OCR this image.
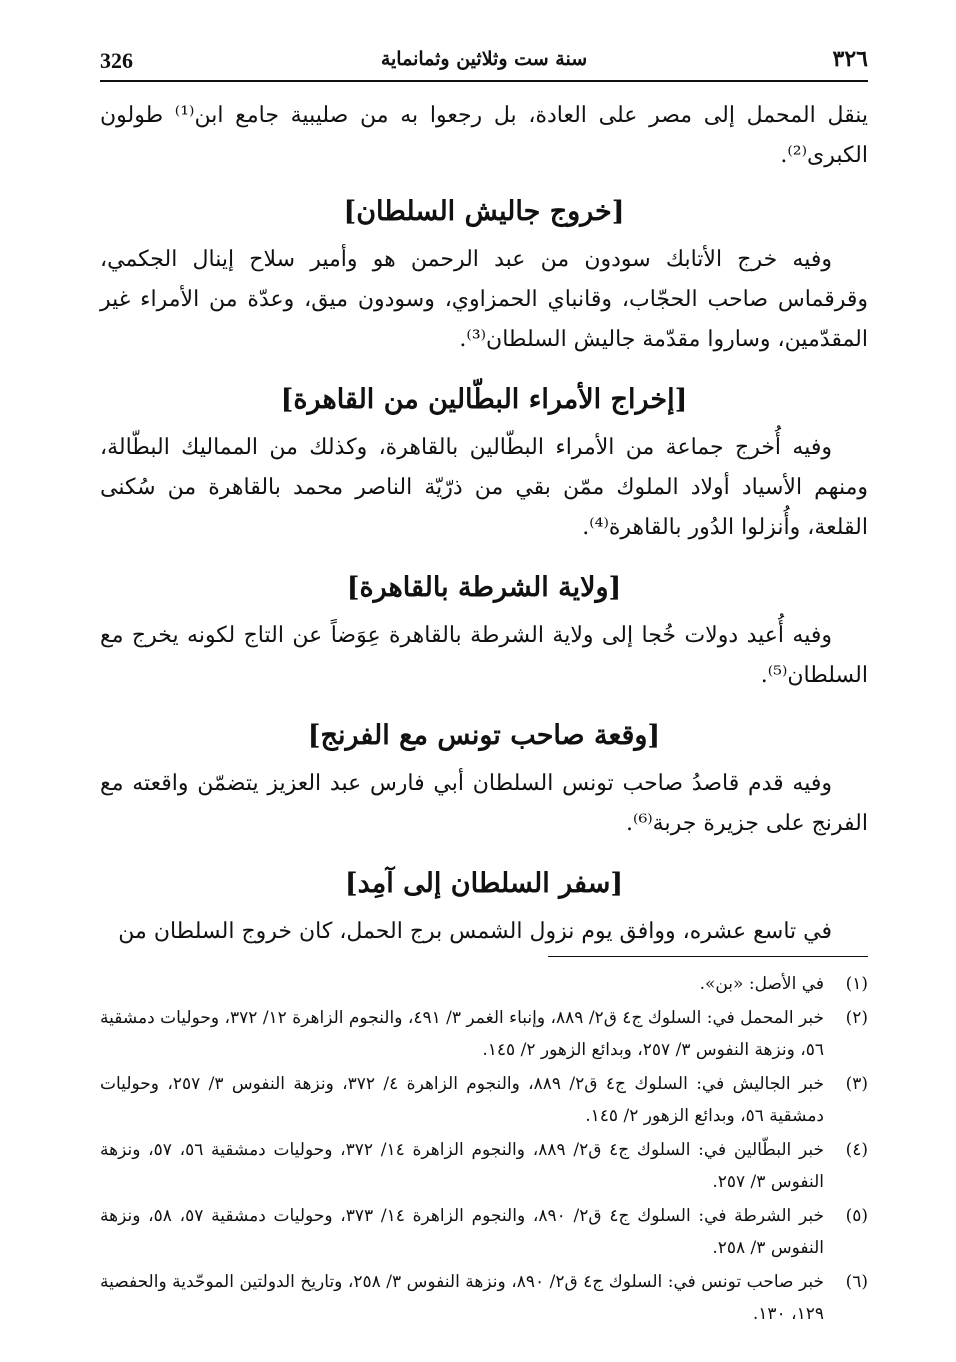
326	سنة ست وثلاثين وثمانماية	٣٢٦

ينقل المحمل إلى مصر على العادة، بل رجعوا به من صليبية جامع ابن⁽¹⁾ طولون الكبرى⁽²⁾.

[خروج جاليش السلطان]

وفيه خرج الأتابك سودون من عبد الرحمن هو وأمير سلاح إينال الجكمي، وقرقماس صاحب الحجّاب، وقانباي الحمزاوي، وسودون ميق، وعدّة من الأمراء غير المقدّمين، وساروا مقدّمة جاليش السلطان⁽³⁾.

[إخراج الأمراء البطّالين من القاهرة]

وفيه أُخرج جماعة من الأمراء البطّالين بالقاهرة، وكذلك من المماليك البطّالة، ومنهم الأسياد أولاد الملوك ممّن بقي من ذرّيّة الناصر محمد بالقاهرة من سُكنى القلعة، وأُنزلوا الدُور بالقاهرة⁽⁴⁾.

[ولاية الشرطة بالقاهرة]

وفيه أُعيد دولات خُجا إلى ولاية الشرطة بالقاهرة عِوَضاً عن التاج لكونه يخرج مع السلطان⁽⁵⁾.

[وقعة صاحب تونس مع الفرنج]

وفيه قدم قاصدُ صاحب تونس السلطان أبي فارس عبد العزيز يتضمّن واقعته مع الفرنج على جزيرة جربة⁽⁶⁾.

[سفر السلطان إلى آمِد]

في تاسع عشره، ووافق يوم نزول الشمس برج الحمل، كان خروج السلطان من

(١)
في الأصل: «بن».
(٢)
خبر المحمل في: السلوك ج٤ ق٢/ ٨٨٩، وإنباء الغمر ٣/ ٤٩١، والنجوم الزاهرة ١٢/ ٣٧٢، وحوليات دمشقية ٥٦، ونزهة النفوس ٣/ ٢٥٧، وبدائع الزهور ٢/ ١٤٥.
(٣)
خبر الجاليش في: السلوك ج٤ ق٢/ ٨٨٩، والنجوم الزاهرة ٤/ ٣٧٢، ونزهة النفوس ٣/ ٢٥٧، وحوليات دمشقية ٥٦، وبدائع الزهور ٢/ ١٤٥.
(٤)
خبر البطّالين في: السلوك ج٤ ق٢/ ٨٨٩، والنجوم الزاهرة ١٤/ ٣٧٢، وحوليات دمشقية ٥٦، ٥٧، ونزهة النفوس ٣/ ٢٥٧.
(٥)
خبر الشرطة في: السلوك ج٤ ق٢/ ٨٩٠، والنجوم الزاهرة ١٤/ ٣٧٣، وحوليات دمشقية ٥٧، ٥٨، ونزهة النفوس ٣/ ٢٥٨.
(٦)
خبر صاحب تونس في: السلوك ج٤ ق٢/ ٨٩٠، ونزهة النفوس ٣/ ٢٥٨، وتاريخ الدولتين الموحّدية والحفصية ١٢٩، ١٣٠.
